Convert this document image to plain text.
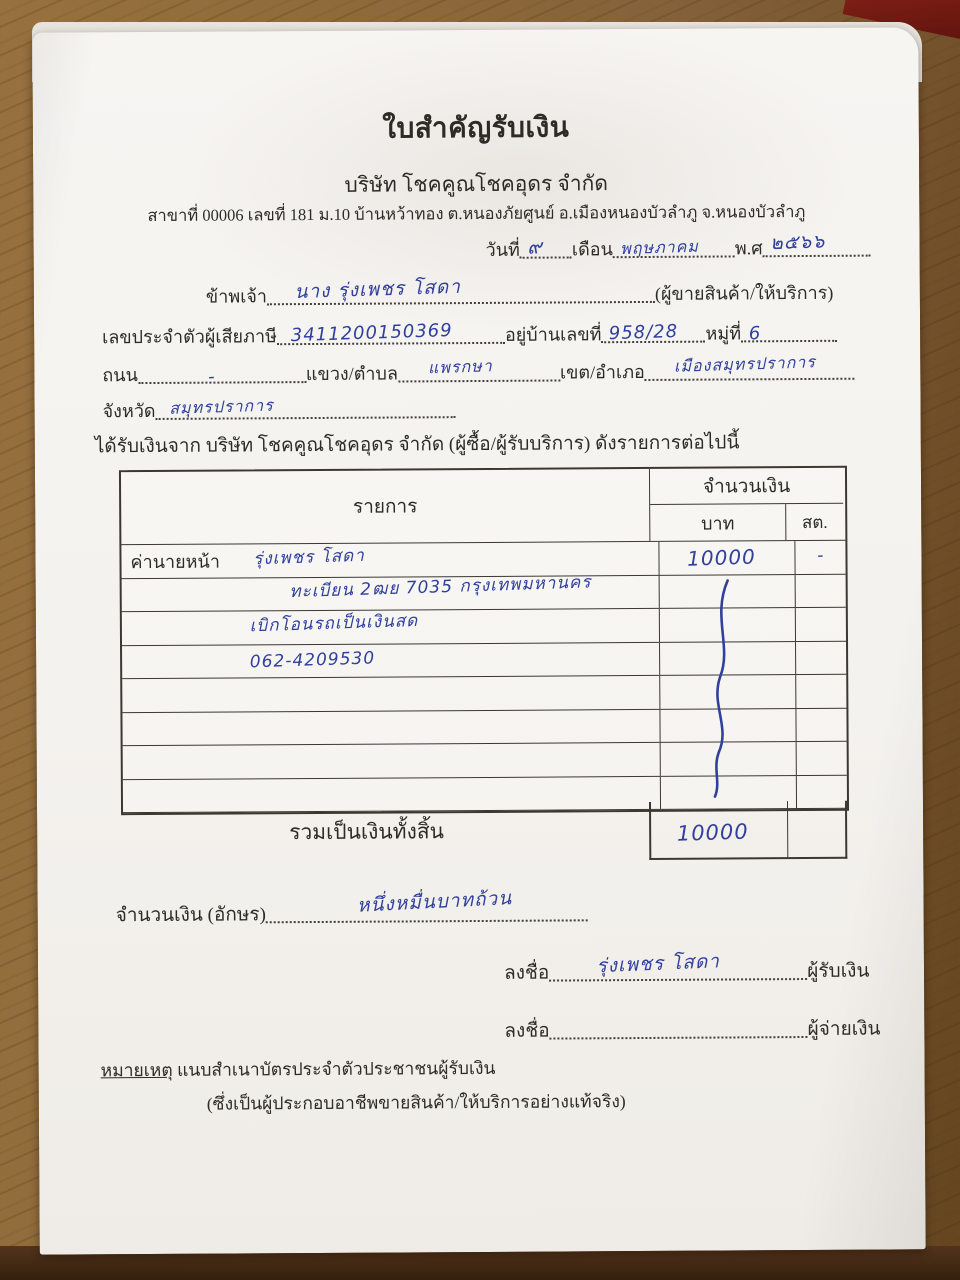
ใบสำคัญรับเงิน
บริษัท โชคคูณโชคอุดร จำกัด
สาขาที่ 00006 เลขที่ 181 ม.10 บ้านหว้าทอง ต.หนองภัยศูนย์ อ.เมืองหนองบัวลำภู จ.หนองบัวลำภู
วันที่ ๙ เดือน พฤษภาคม พ.ศ ๒๕๖๖
ข้าพเจ้า นาง รุ่งเพชร โสดา	(ผู้ขายสินค้า/ให้บริการ)
เลขประจำตัวผู้เสียภาษี 3411200150369	อยู่บ้านเลขที่ 958/28 หมู่ที่ 6
ถนน	-	แขวง/ตำบล แพรกษา	เขต/อำเภอ เมืองสมุทรปราการ
จังหวัด สมุทรปราการ
ได้รับเงินจาก บริษัท โชคคูณโชคอุดร จำกัด (ผู้ซื้อ/ผู้รับบริการ) ดังรายการต่อไปนี้
รายการ
จำนวนเงิน
บาท	สต.
ค่านายหน้า รุ่งเพชร โสดา	10000	-
ทะเบียน 2ฒย 7035 กรุงเทพมหานคร
เบิกโอนรถเป็นเงินสด
062-4209530
รวมเป็นเงินทั้งสิ้น	10000
จำนวนเงิน (อักษร)	หนึ่งหมื่นบาทถ้วน
ลงชื่อ รุ่งเพชร โสดา	ผู้รับเงิน
ลงชื่อ	ผู้จ่ายเงิน
หมายเหตุ แนบสำเนาบัตรประจำตัวประชาชนผู้รับเงิน
(ซึ่งเป็นผู้ประกอบอาชีพขายสินค้า/ให้บริการอย่างแท้จริง)
